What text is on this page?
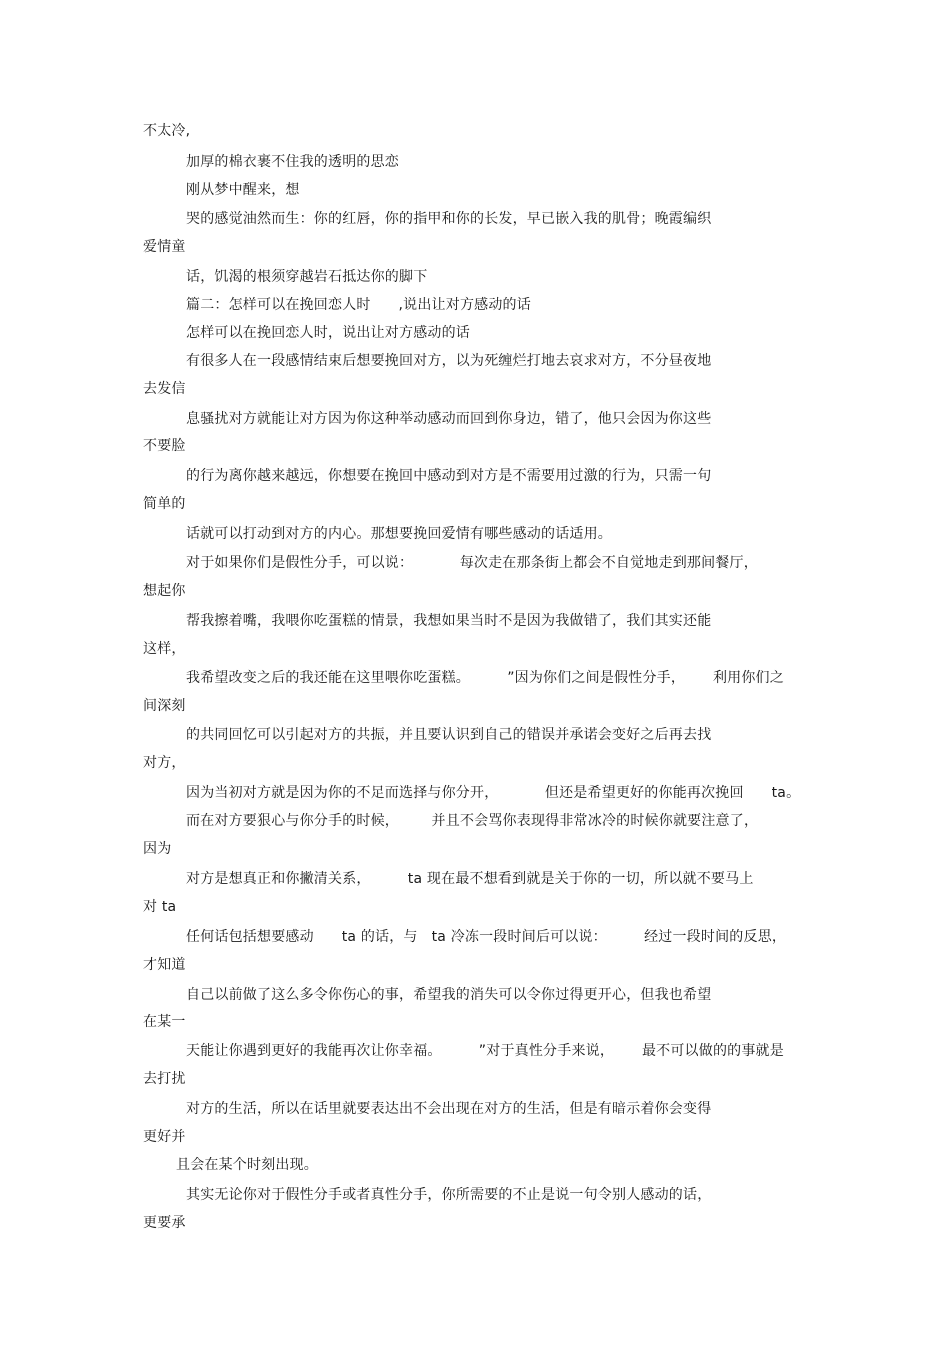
不太冷,

加厚的棉衣裹不住我的透明的思恋

刚从梦中醒来，想

哭的感觉油然而生：你的红唇，你的指甲和你的长发，早已嵌入我的肌骨；晚霞编织

爱情童

话，饥渴的根须穿越岩石抵达你的脚下

篇二：怎样可以在挽回恋人时      ,说出让对方感动的话

怎样可以在挽回恋人时，说出让对方感动的话

有很多人在一段感情结束后想要挽回对方，以为死缠烂打地去哀求对方，不分昼夜地

去发信

息骚扰对方就能让对方因为你这种举动感动而回到你身边，错了，他只会因为你这些

不要脸

的行为离你越来越远，你想要在挽回中感动到对方是不需要用过激的行为，只需一句

简单的

话就可以打动到对方的内心。那想要挽回爱情有哪些感动的话适用。

对于如果你们是假性分手，可以说：          每次走在那条街上都会不自觉地走到那间餐厅，

想起你

帮我擦着嘴，我喂你吃蛋糕的情景，我想如果当时不是因为我做错了，我们其实还能

这样，

我希望改变之后的我还能在这里喂你吃蛋糕。        ”因为你们之间是假性分手，      利用你们之

间深刻

的共同回忆可以引起对方的共振，并且要认识到自己的错误并承诺会变好之后再去找

对方，

因为当初对方就是因为你的不足而选择与你分开，          但还是希望更好的你能再次挽回      ta。

而在对方要狠心与你分手的时候，       并且不会骂你表现得非常冰冷的时候你就要注意了，

因为

对方是想真正和你撇清关系，        ta 现在最不想看到就是关于你的一切，所以就不要马上

对 ta

任何话包括想要感动      ta 的话，与   ta 冷冻一段时间后可以说：        经过一段时间的反思，

才知道

自己以前做了这么多令你伤心的事，希望我的消失可以令你过得更开心，但我也希望

在某一

天能让你遇到更好的我能再次让你幸福。        ”对于真性分手来说，      最不可以做的的事就是

去打扰

对方的生活，所以在话里就要表达出不会出现在对方的生活，但是有暗示着你会变得

更好并

且会在某个时刻出现。

其实无论你对于假性分手或者真性分手，你所需要的不止是说一句令别人感动的话，

更要承
